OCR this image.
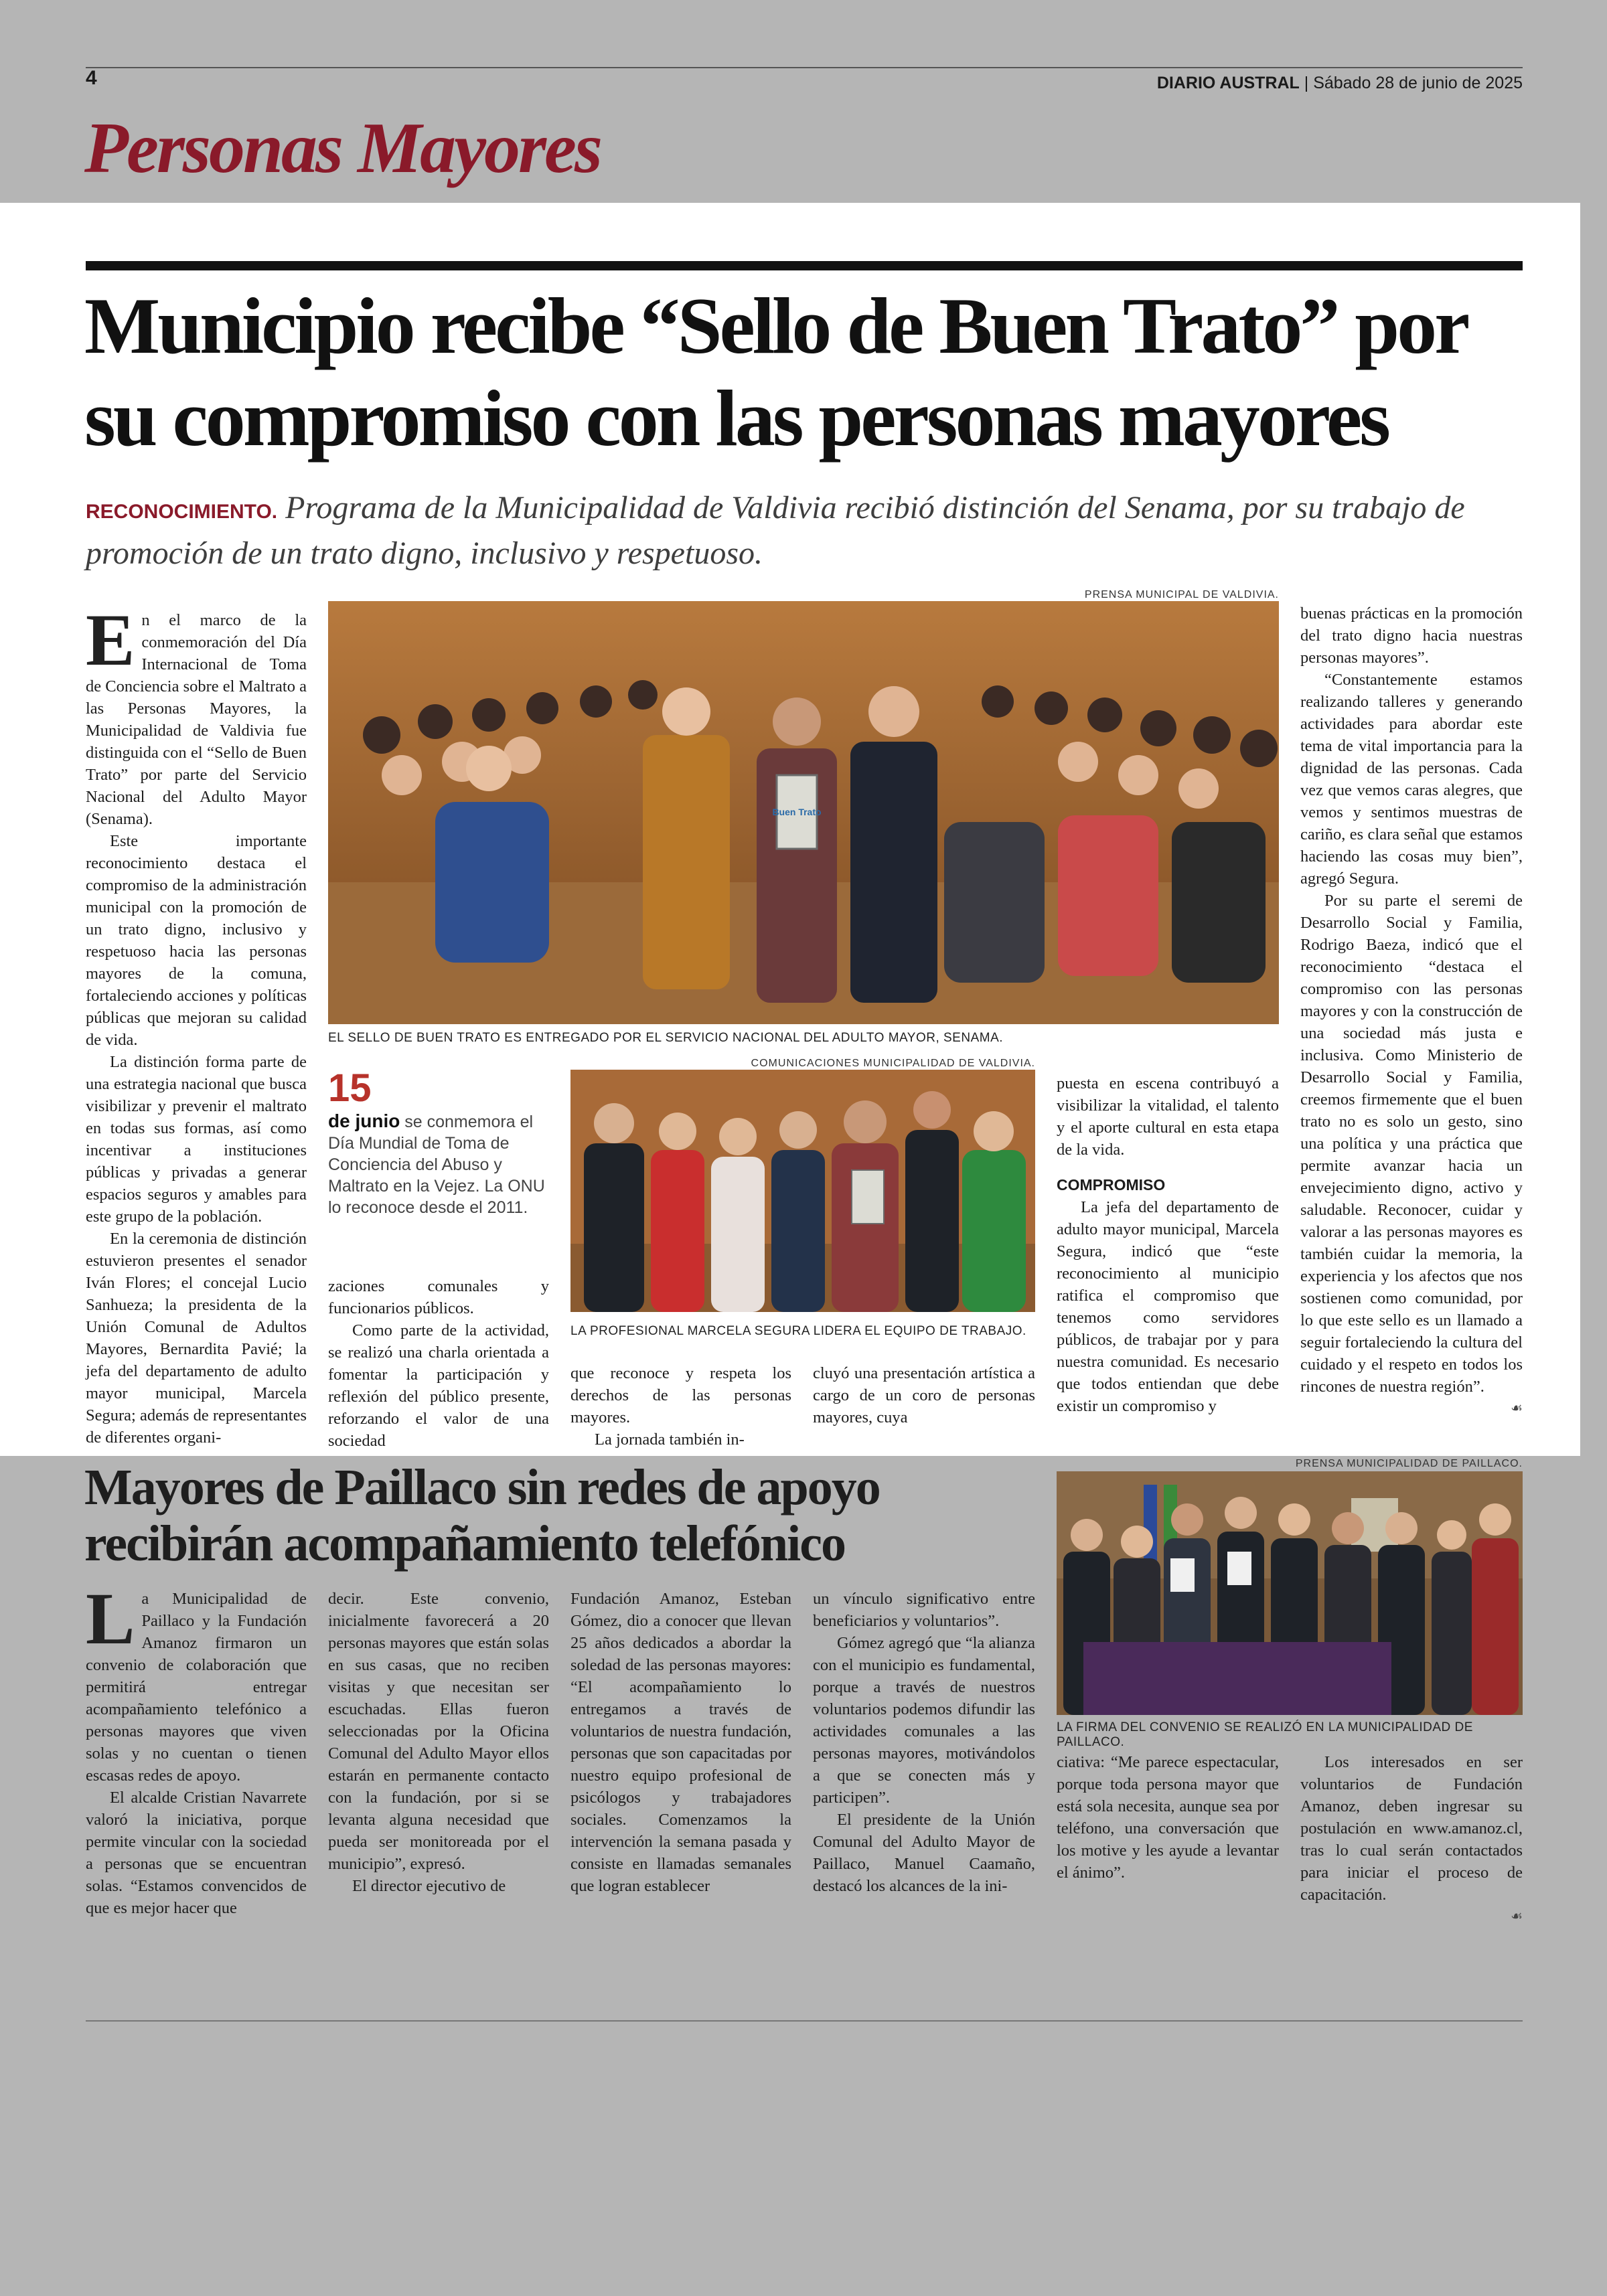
4	DIARIO AUSTRAL | Sábado 28 de junio de 2025
Personas Mayores
Municipio recibe “Sello de Buen Trato” por su compromiso con las personas mayores
RECONOCIMIENTO. Programa de la Municipalidad de Valdivia recibió distinción del Senama, por su trabajo de promoción de un trato digno, inclusivo y respetuoso.

En el marco de la conmemoración del Día Internacional de Toma de Conciencia sobre el Maltrato a las Personas Mayores, la Municipalidad de Valdivia fue distinguida con el “Sello de Buen Trato” por parte del Servicio Nacional del Adulto Mayor (Senama).

Este importante reconocimiento destaca el compromiso de la administración municipal con la promoción de un trato digno, inclusivo y respetuoso hacia las personas mayores de la comuna, fortaleciendo acciones y políticas públicas que mejoran su calidad de vida.

La distinción forma parte de una estrategia nacional que busca visibilizar y prevenir el maltrato en todas sus formas, así como incentivar a instituciones públicas y privadas a generar espacios seguros y amables para este grupo de la población.

En la ceremonia de distinción estuvieron presentes el senador Iván Flores; el concejal Lucio Sanhueza; la presidenta de la Unión Comunal de Adultos Mayores, Bernardita Pavié; la jefa del departamento de adulto mayor municipal, Marcela Segura; además de representantes de diferentes organi-

PRENSA MUNICIPAL DE VALDIVIA.
Buen Trato
EL SELLO DE BUEN TRATO ES ENTREGADO POR EL SERVICIO NACIONAL DEL ADULTO MAYOR, SENAMA.
15
de junio se conmemora el Día Mundial de Toma de Conciencia del Abuso y Maltrato en la Vejez. La ONU lo reconoce desde el 2011.

zaciones comunales y funcionarios públicos.

Como parte de la actividad, se realizó una charla orientada a fomentar la participación y reflexión del público presente, reforzando el valor de una sociedad

COMUNICACIONES MUNICIPALIDAD DE VALDIVIA.
LA PROFESIONAL MARCELA SEGURA LIDERA EL EQUIPO DE TRABAJO.

que reconoce y respeta los derechos de las personas mayores.

La jornada también in-

cluyó una presentación artística a cargo de un coro de personas mayores, cuya

puesta en escena contribuyó a visibilizar la vitalidad, el talento y el aporte cultural en esta etapa de la vida.

COMPROMISO

La jefa del departamento de adulto mayor municipal, Marcela Segura, indicó que “este reconocimiento al municipio ratifica el compromiso que tenemos como servidores públicos, de trabajar por y para nuestra comunidad. Es necesario que todos entiendan que debe existir un compromiso y

buenas prácticas en la promoción del trato digno hacia nuestras personas mayores”.

“Constantemente estamos realizando talleres y generando actividades para abordar este tema de vital importancia para la dignidad de las personas. Cada vez que vemos caras alegres, que vemos y sentimos muestras de cariño, es clara señal que estamos haciendo las cosas muy bien”, agregó Segura.

Por su parte el seremi de Desarrollo Social y Familia, Rodrigo Baeza, indicó que el reconocimiento “destaca el compromiso con las personas mayores y con la construcción de una sociedad más justa e inclusiva. Como Ministerio de Desarrollo Social y Familia, creemos firmemente que el buen trato no es solo un gesto, sino una política y una práctica que permite avanzar hacia un envejecimiento digno, activo y saludable. Reconocer, cuidar y valorar a las personas mayores es también cuidar la memoria, la experiencia y los afectos que nos sostienen como comunidad, por lo que este sello es un llamado a seguir fortaleciendo la cultura del cuidado y el respeto en todos los rincones de nuestra región”.

☙
Mayores de Paillaco sin redes de apoyo recibirán acompañamiento telefónico
PRENSA MUNICIPALIDAD DE PAILLACO.
LA FIRMA DEL CONVENIO SE REALIZÓ EN LA MUNICIPALIDAD DE PAILLACO.

La Municipalidad de Paillaco y la Fundación Amanoz firmaron un convenio de colaboración que permitirá entregar acompañamiento telefónico a personas mayores que viven solas y no cuentan o tienen escasas redes de apoyo.

El alcalde Cristian Navarrete valoró la iniciativa, porque permite vincular con la sociedad a personas que se encuentran solas. “Estamos convencidos de que es mejor hacer que

decir. Este convenio, inicialmente favorecerá a 20 personas mayores que están solas en sus casas, que no reciben visitas y que necesitan ser escuchadas. Ellas fueron seleccionadas por la Oficina Comunal del Adulto Mayor ellos estarán en permanente contacto con la fundación, por si se levanta alguna necesidad que pueda ser monitoreada por el municipio”, expresó.

El director ejecutivo de

Fundación Amanoz, Esteban Gómez, dio a conocer que llevan 25 años dedicados a abordar la soledad de las personas mayores: “El acompañamiento lo entregamos a través de voluntarios de nuestra fundación, personas que son capacitadas por nuestro equipo profesional de psicólogos y trabajadores sociales. Comenzamos la intervención la semana pasada y consiste en llamadas semanales que logran establecer

un vínculo significativo entre beneficiarios y voluntarios”.

Gómez agregó que “la alianza con el municipio es fundamental, porque a través de nuestros voluntarios podemos difundir las actividades comunales a las personas mayores, motivándolos a que se conecten más y participen”.

El presidente de la Unión Comunal del Adulto Mayor de Paillaco, Manuel Caamaño, destacó los alcances de la ini-

ciativa: “Me parece espectacular, porque toda persona mayor que está sola necesita, aunque sea por teléfono, una conversación que los motive y les ayude a levantar el ánimo”.

Los interesados en ser voluntarios de Fundación Amanoz, deben ingresar su postulación en www.amanoz.cl, tras lo cual serán contactados para iniciar el proceso de capacitación.

☙
